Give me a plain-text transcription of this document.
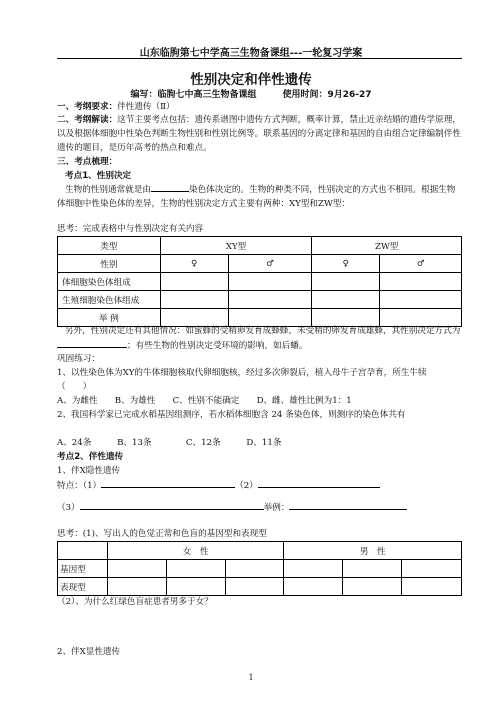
山东临朐第七中学高三生物备课组---一轮复习学案
性别决定和伴性遗传
编写：临朐七中高三生物备课组	使用时间：9月26-27
一、考纲要求：伴性遗传（Ⅱ）
二、考纲解读：这节主要考点包括：遗传系谱图中遗传方式判断，概率计算，禁止近亲结婚的遗传学原理，以及根据体细胞中性染色判断生物性别和性别比例等。联系基因的分离定律和基因的自由组合定律编制伴性遗传的题目，是历年高考的热点和难点。
三、考点梳理：
考点1、性别决定
生物的性别通常就是由	染色体决定的。生物的种类不同，性别决定的方式也不相同。根据生物体细胞中性染色体的差异，生物的性别决定方式主要有两种：XY型和ZW型：
思考：完成表格中与性别决定有关内容
类型	XY型		ZW型	
性别	♀	♂	♀	♂
体细胞染色体组成				
生殖细胞染色体组成				
举 例				
另外，性别决定还有其他情况：如蜜蜂的受精卵发育成蜂蜂，未受精的卵发育成雄蜂，其性别决定方式为；有些生物的性别决定受环境的影响，如后蟠。
巩固练习：
1、以性染色体为XY的牛体细胞核取代卵细胞核，经过多次卵裂后，植入母牛子宫孕育，所生牛犊（　　）
A、为雌性　　B、为雄性　　C、性别不能确定　　D、雌、雄性比例为1：1
2、我国科学家已完成水稻基因组测序，若水稻体细胞含 24 条染色体，则测序的染色体共有
A、24条　　　B、13条　　　　C、12条　　　D、11条
考点2、伴性遗传
1、伴X隐性遗传
特点：（1）	（2）
（3）	举例：
思考：(1)、写出人的色觉正常和色盲的基因型和表现型
	女　性			男　性		
基因型						
表现型						
（2）、为什么红绿色盲症患者男多于女？
2、伴X显性遗传
1
